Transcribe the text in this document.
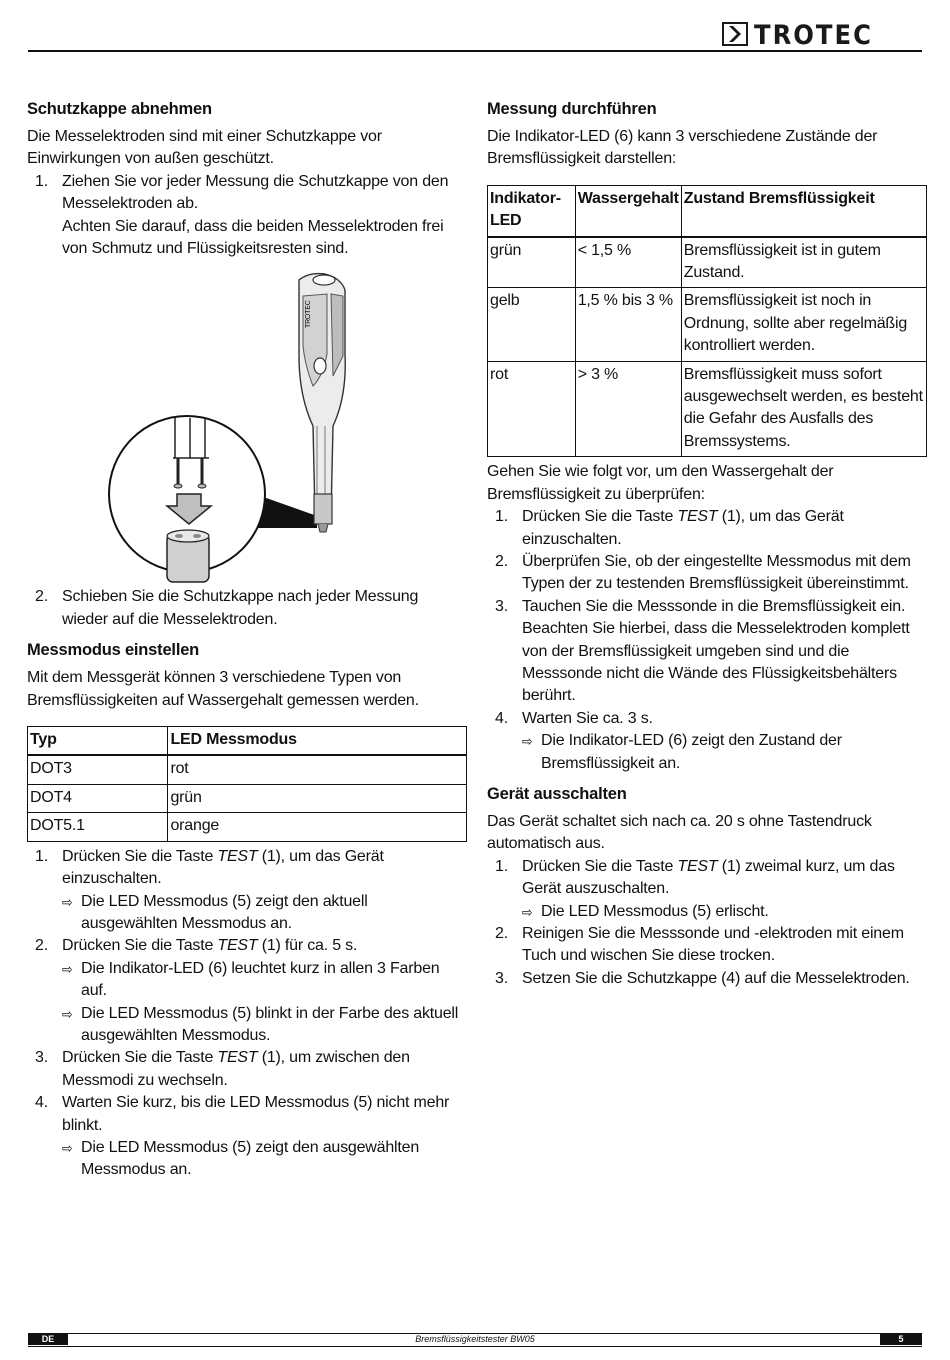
TROTEC
Schutzkappe abnehmen

Die Messelektroden sind mit einer Schutzkappe vor Einwirkungen von außen geschützt.

1. Ziehen Sie vor jeder Messung die Schutzkappe von den Messelektroden ab.
Achten Sie darauf, dass die beiden Messelektroden frei von Schmutz und Flüssigkeitsresten sind.
TROTEC
2. Schieben Sie die Schutzkappe nach jeder Messung wieder auf die Messelektroden.
Messmodus einstellen

Mit dem Messgerät können 3 verschiedene Typen von Bremsflüssigkeiten auf Wassergehalt gemessen werden.

Typ	LED Messmodus
DOT3	rot
DOT4	grün
DOT5.1	orange
1. Drücken Sie die Taste TEST (1), um das Gerät einzuschalten.
⇨ Die LED Messmodus (5) zeigt den aktuell ausgewählten Messmodus an.
2. Drücken Sie die Taste TEST (1) für ca. 5 s.
⇨ Die Indikator-LED (6) leuchtet kurz in allen 3 Farben auf.
⇨ Die LED Messmodus (5) blinkt in der Farbe des aktuell ausgewählten Messmodus.
3. Drücken Sie die Taste TEST (1), um zwischen den Messmodi zu wechseln.
4. Warten Sie kurz, bis die LED Messmodus (5) nicht mehr blinkt.
⇨ Die LED Messmodus (5) zeigt den ausgewählten Messmodus an.
Messung durchführen

Die Indikator-LED (6) kann 3 verschiedene Zustände der Bremsflüssigkeit darstellen:

Indikator-LED	Wassergehalt	Zustand Bremsflüssigkeit
grün	< 1,5 %	Bremsflüssigkeit ist in gutem Zustand.
gelb	1,5 % bis 3 %	Bremsflüssigkeit ist noch in Ordnung, sollte aber regelmäßig kontrolliert werden.
rot	> 3 %	Bremsflüssigkeit muss sofort ausgewechselt werden, es besteht die Gefahr des Ausfalls des Bremssystems.

Gehen Sie wie folgt vor, um den Wassergehalt der Bremsflüssigkeit zu überprüfen:

1. Drücken Sie die Taste TEST (1), um das Gerät einzuschalten.
2. Überprüfen Sie, ob der eingestellte Messmodus mit dem Typen der zu testenden Bremsflüssigkeit übereinstimmt.
3. Tauchen Sie die Messsonde in die Bremsflüssigkeit ein. Beachten Sie hierbei, dass die Messelektroden komplett von der Bremsflüssigkeit umgeben sind und die Messsonde nicht die Wände des Flüssigkeitsbehälters berührt.
4. Warten Sie ca. 3 s.
⇨ Die Indikator-LED (6) zeigt den Zustand der Bremsflüssigkeit an.
Gerät ausschalten

Das Gerät schaltet sich nach ca. 20 s ohne Tastendruck automatisch aus.

1. Drücken Sie die Taste TEST (1) zweimal kurz, um das Gerät auszuschalten.
⇨ Die LED Messmodus (5) erlischt.
2. Reinigen Sie die Messsonde und -elektroden mit einem Tuch und wischen Sie diese trocken.
3. Setzen Sie die Schutzkappe (4) auf die Messelektroden.
Bremsflüssigkeitstester BW05
DE	5
